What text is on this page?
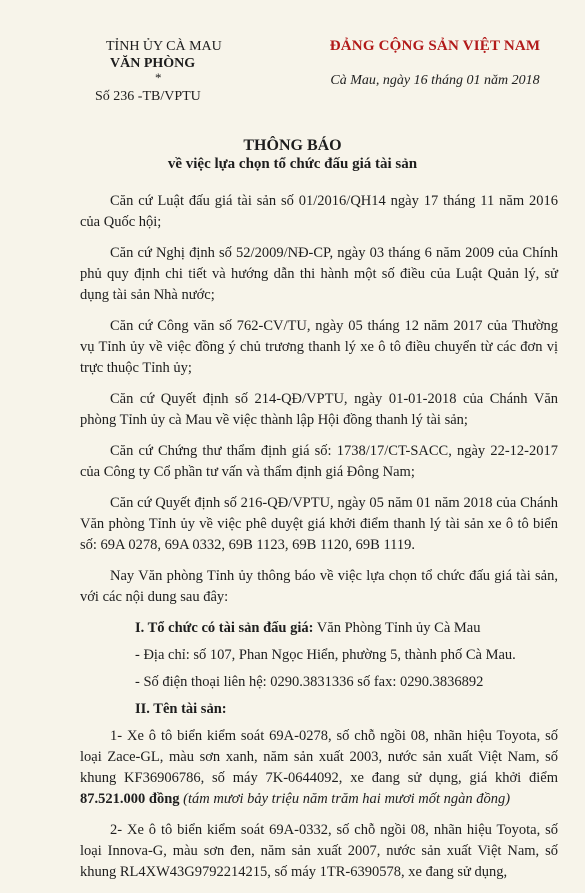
TỈNH ỦY CÀ MAU
VĂN PHÒNG
*
Số 236 -TB/VPTU
ĐẢNG CỘNG SẢN VIỆT NAM
Cà Mau, ngày 16 tháng 01 năm 2018
THÔNG BÁO
về việc lựa chọn tổ chức đấu giá tài sản

Căn cứ Luật đấu giá tài sản số 01/2016/QH14 ngày 17 tháng 11 năm 2016 của Quốc hội;

Căn cứ Nghị định số 52/2009/NĐ-CP, ngày 03 tháng 6 năm 2009 của Chính phủ quy định chi tiết và hướng dẫn thi hành một số điều của Luật Quản lý, sử dụng tài sản Nhà nước;

Căn cứ Công văn số 762-CV/TU, ngày 05 tháng 12 năm 2017 của Thường vụ Tỉnh ủy về việc đồng ý chủ trương thanh lý xe ô tô điều chuyển từ các đơn vị trực thuộc Tỉnh ủy;

Căn cứ Quyết định số 214-QĐ/VPTU, ngày 01-01-2018 của Chánh Văn phòng Tỉnh ủy cà Mau về việc thành lập Hội đồng thanh lý tài sản;

Căn cứ Chứng thư thẩm định giá số: 1738/17/CT-SACC, ngày 22-12-2017 của Công ty Cổ phần tư vấn và thẩm định giá Đông Nam;

Căn cứ Quyết định số 216-QĐ/VPTU, ngày 05 năm 01 năm 2018 của Chánh Văn phòng Tỉnh ủy về việc phê duyệt giá khởi điểm thanh lý tài sản xe ô tô biển số: 69A 0278, 69A 0332, 69B 1123, 69B 1120, 69B 1119.

Nay Văn phòng Tỉnh ủy thông báo về việc lựa chọn tổ chức đấu giá tài sản, với các nội dung sau đây:

I. Tổ chức có tài sản đấu giá: Văn Phòng Tỉnh ủy Cà Mau

- Địa chỉ: số 107, Phan Ngọc Hiển, phường 5, thành phố Cà Mau.

- Số điện thoại liên hệ: 0290.3831336 số fax: 0290.3836892

II. Tên tài sản:

1- Xe ô tô biển kiểm soát 69A-0278, số chỗ ngồi 08, nhãn hiệu Toyota, số loại Zace-GL, màu sơn xanh, năm sản xuất 2003, nước sản xuất Việt Nam, số khung KF36906786, số máy 7K-0644092, xe đang sử dụng, giá khởi điểm 87.521.000 đồng (tám mươi bảy triệu năm trăm hai mươi mốt ngàn đồng)

2- Xe ô tô biển kiểm soát 69A-0332, số chỗ ngồi 08, nhãn hiệu Toyota, số loại Innova-G, màu sơn đen, năm sản xuất 2007, nước sản xuất Việt Nam, số khung RL4XW43G9792214215, số máy 1TR-6390578, xe đang sử dụng,
